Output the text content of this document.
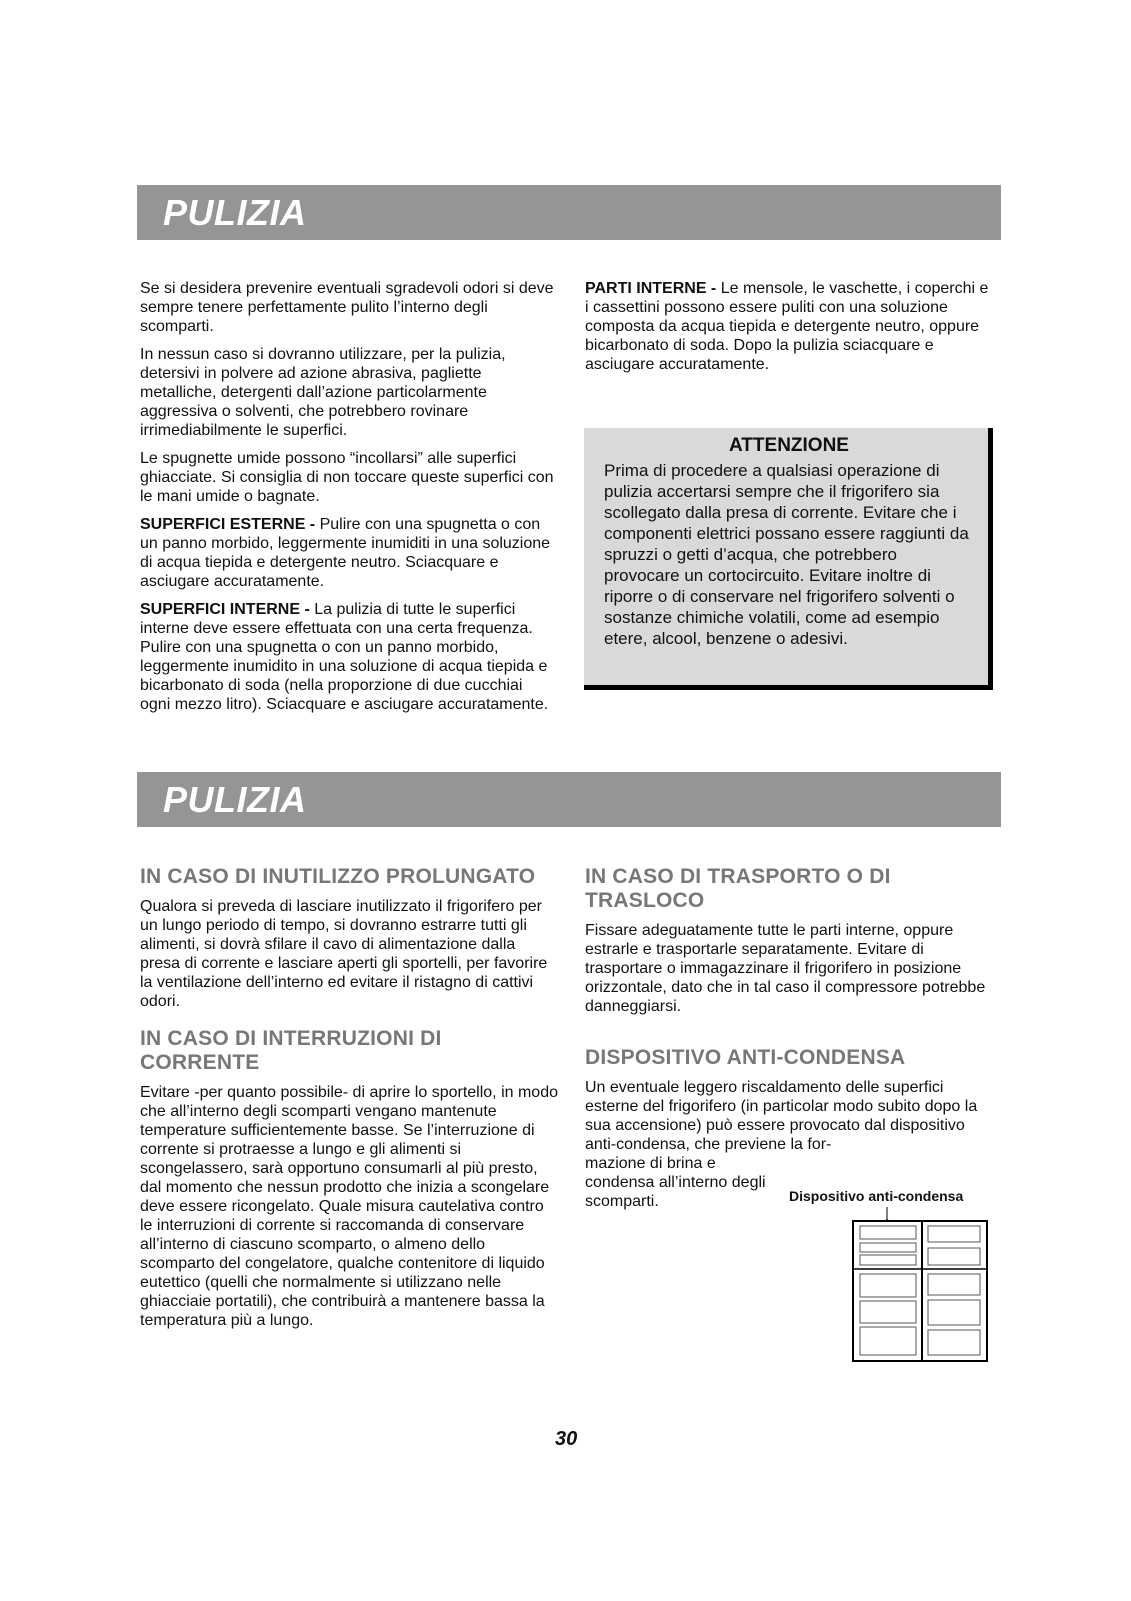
PULIZIA

Se si desidera prevenire eventuali sgradevoli odori si deve sempre tenere perfettamente pulito l’interno degli scomparti.

In nessun caso si dovranno utilizzare, per la pulizia, detersivi in polvere ad azione abrasiva, pagliette metalliche, detergenti dall’azione particolarmente aggressiva o solventi, che potrebbero rovinare irrimediabilmente le superfici.

Le spugnette umide possono “incollarsi” alle superfici ghiacciate. Si consiglia di non toccare queste superfici con le mani umide o bagnate.

SUPERFICI ESTERNE - Pulire con una spugnetta o con un panno morbido, leggermente inumiditi in una soluzione di acqua tiepida e detergente neutro. Sciacquare e asciugare accuratamente.

SUPERFICI INTERNE - La pulizia di tutte le superfici interne deve essere effettuata con una certa frequenza. Pulire con una spugnetta o con un panno morbido, leggermente inumidito in una soluzione di acqua tiepida e bicarbonato di soda (nella proporzione di due cucchiai ogni mezzo litro). Sciacquare e asciugare accuratamente.

PARTI INTERNE - Le mensole, le vaschette, i coperchi e i cassettini possono essere puliti con una soluzione composta da acqua tiepida e detergente neutro, oppure bicarbonato di soda. Dopo la pulizia sciacquare e asciugare accuratamente.

ATTENZIONE
Prima di procedere a qualsiasi operazione di pulizia accertarsi sempre che il frigorifero sia scollegato dalla presa di corrente. Evitare che i componenti elettrici possano essere raggiunti da spruzzi o getti d’acqua, che potrebbero provocare un cortocircuito. Evitare inoltre di riporre o di conservare nel frigorifero solventi o sostanze chimiche volatili, come ad esempio etere, alcool, benzene o adesivi.
PULIZIA
IN CASO DI INUTILIZZO PROLUNGATO

Qualora si preveda di lasciare inutilizzato il frigorifero per un lungo periodo di tempo, si dovranno estrarre tutti gli alimenti, si dovrà sfilare il cavo di alimentazione dalla presa di corrente e lasciare aperti gli sportelli, per favorire la ventilazione dell’interno ed evitare il ristagno di cattivi odori.

IN CASO DI INTERRUZIONI DI CORRENTE

Evitare -per quanto possibile- di aprire lo sportello, in modo che all’interno degli scomparti vengano mantenute temperature sufficientemente basse. Se l’interruzione di corrente si protraesse a lungo e gli alimenti si scongelassero, sarà opportuno consumarli al più presto, dal momento che nessun prodotto che inizia a scongelare deve essere ricongelato. Quale misura cautelativa contro le interruzioni di corrente si raccomanda di conservare all’interno di ciascuno scomparto, o almeno dello scomparto del congelatore, qualche contenitore di liquido eutettico (quelli che normalmente si utilizzano nelle ghiacciaie portatili), che contribuirà a mantenere bassa la temperatura più a lungo.

IN CASO DI TRASPORTO O DI TRASLOCO

Fissare adeguatamente tutte le parti interne, oppure estrarle e trasportarle separatamente. Evitare di trasportare o immagazzinare il frigorifero in posizione orizzontale, dato che in tal caso il compressore potrebbe danneggiarsi.

DISPOSITIVO ANTI-CONDENSA

Un eventuale leggero riscaldamento delle superfici esterne del frigorifero (in particolar modo subito dopo la sua accensione) può essere provocato dal dispositivo anti-condensa, che previene la for-

mazione di brina e condensa all’interno degli scomparti.	Dispositivo anti-condensa
30
